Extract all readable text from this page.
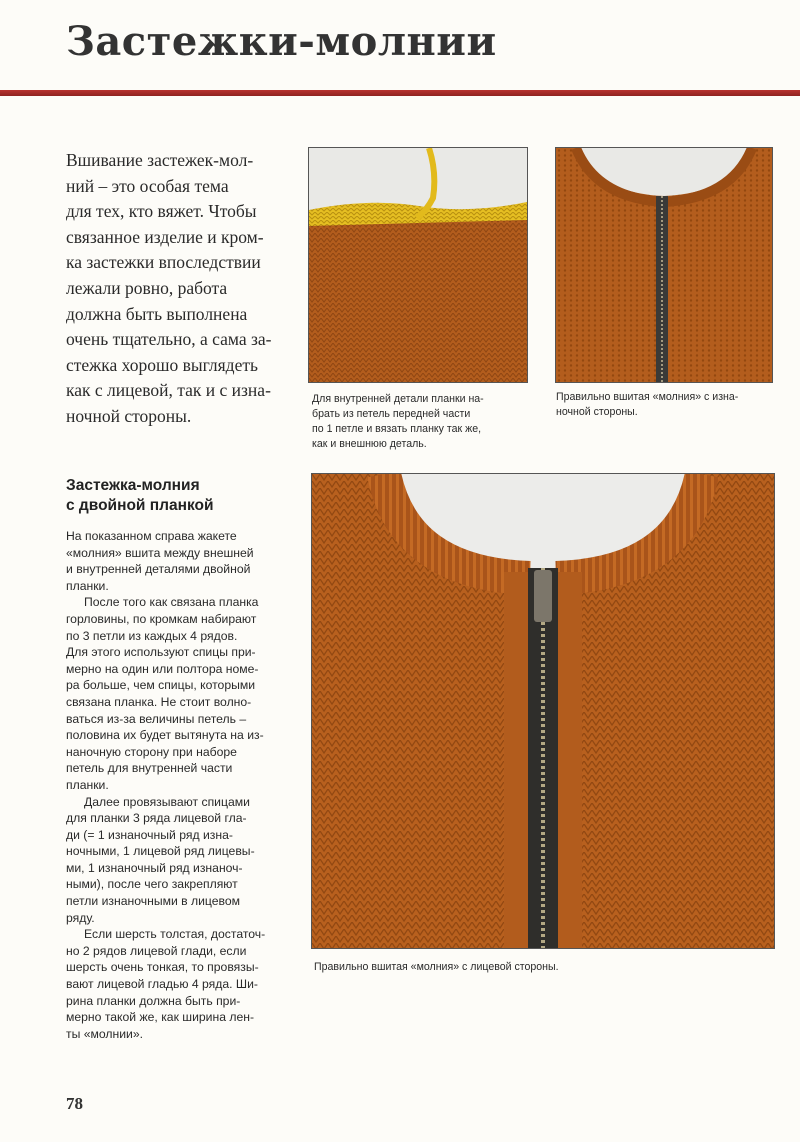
Застежки-молнии

Вшивание застежек-мол-
ний – это особая тема
для тех, кто вяжет. Чтобы
связанное изделие и кром-
ка застежки впоследствии
лежали ровно, работа
должна быть выполнена
очень тщательно, а сама за-
стежка хорошо выглядеть
как с лицевой, так и с изна-
ночной стороны.

Застежка-молния
с двойной планкой

На показанном справа жакете
«молния» вшита между внешней
и внутренней деталями двойной
планки.

После того как связана планка
горловины, по кромкам набирают
по 3 петли из каждых 4 рядов.
Для этого используют спицы при-
мерно на один или полтора номе-
ра больше, чем спицы, которыми
связана планка. Не стоит волно-
ваться из-за величины петель –
половина их будет вытянута на из-
наночную сторону при наборе
петель для внутренней части
планки.

Далее провязывают спицами
для планки 3 ряда лицевой гла-
ди (= 1 изнаночный ряд изна-
ночными, 1 лицевой ряд лицевы-
ми, 1 изнаночный ряд изнаноч-
ными), после чего закрепляют
петли изнаночными в лицевом
ряду.

Если шерсть толстая, достаточ-
но 2 рядов лицевой глади, если
шерсть очень тонкая, то провязы-
вают лицевой гладью 4 ряда. Ши-
рина планки должна быть при-
мерно такой же, как ширина лен-
ты «молнии».

Для внутренней детали планки на-
брать из петель передней части
по 1 петле и вязать планку так же,
как и внешнюю деталь.

Правильно вшитая «молния» с изна-
ночной стороны.

Правильно вшитая «молния» с лицевой стороны.

78
